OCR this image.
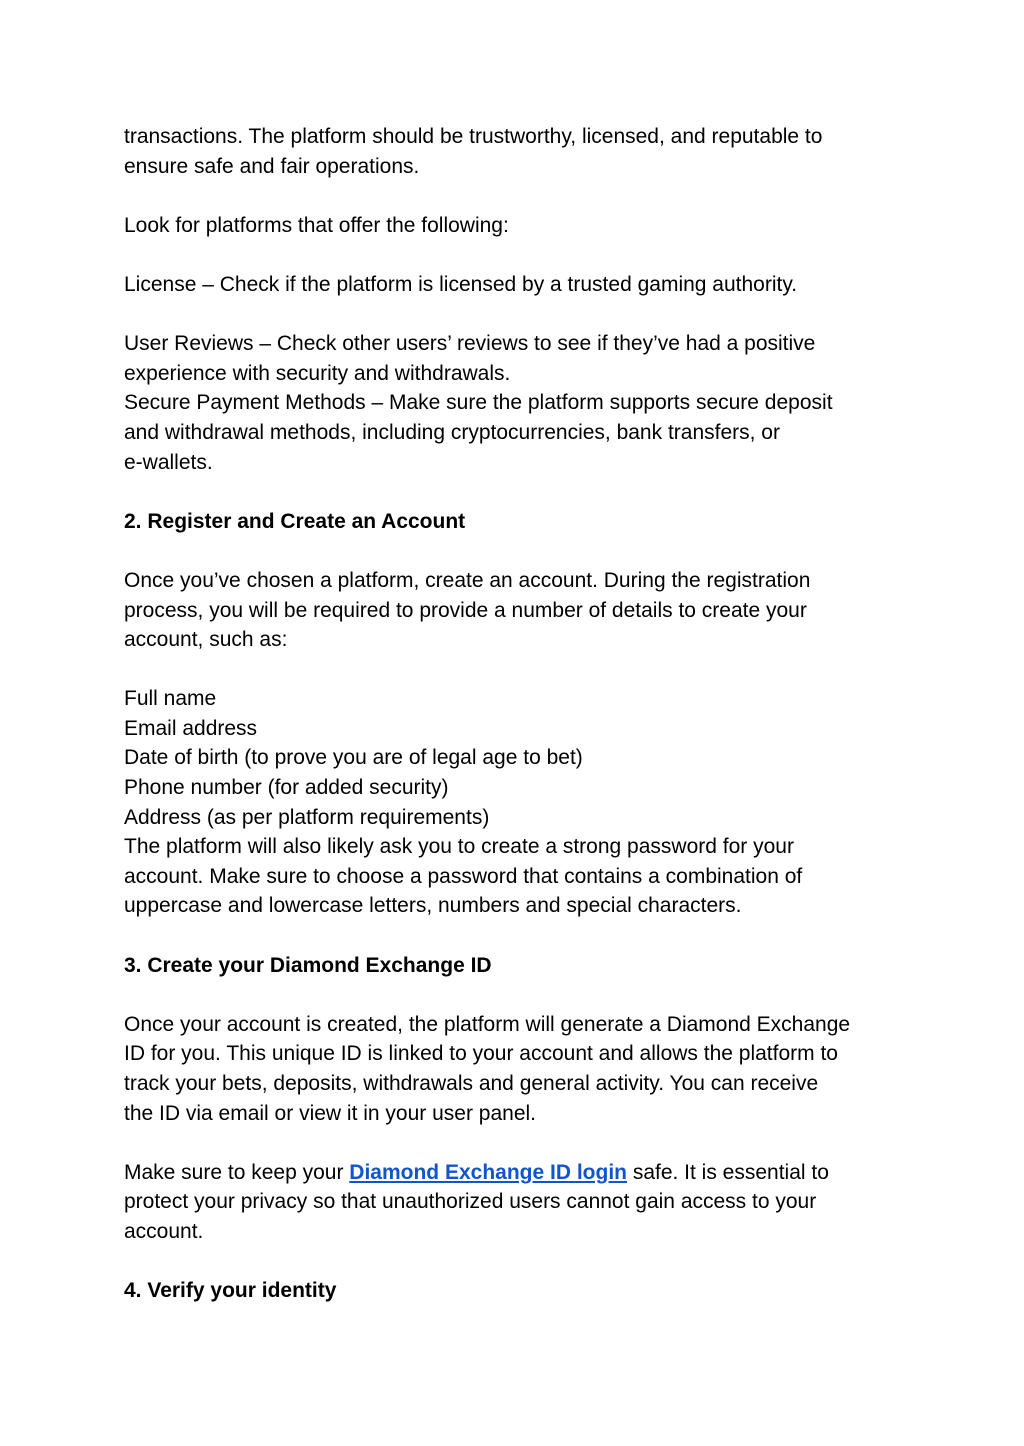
transactions. The platform should be trustworthy, licensed, and reputable to
ensure safe and fair operations.
Look for platforms that offer the following:
License – Check if the platform is licensed by a trusted gaming authority.
User Reviews – Check other users’ reviews to see if they’ve had a positive
experience with security and withdrawals.
Secure Payment Methods – Make sure the platform supports secure deposit
and withdrawal methods, including cryptocurrencies, bank transfers, or
e-wallets.
2. Register and Create an Account
Once you’ve chosen a platform, create an account. During the registration
process, you will be required to provide a number of details to create your
account, such as:
Full name
Email address
Date of birth (to prove you are of legal age to bet)
Phone number (for added security)
Address (as per platform requirements)
The platform will also likely ask you to create a strong password for your
account. Make sure to choose a password that contains a combination of
uppercase and lowercase letters, numbers and special characters.
3. Create your Diamond Exchange ID
Once your account is created, the platform will generate a Diamond Exchange
ID for you. This unique ID is linked to your account and allows the platform to
track your bets, deposits, withdrawals and general activity. You can receive
the ID via email or view it in your user panel.
Make sure to keep your Diamond Exchange ID login safe. It is essential to
protect your privacy so that unauthorized users cannot gain access to your
account.
4. Verify your identity
